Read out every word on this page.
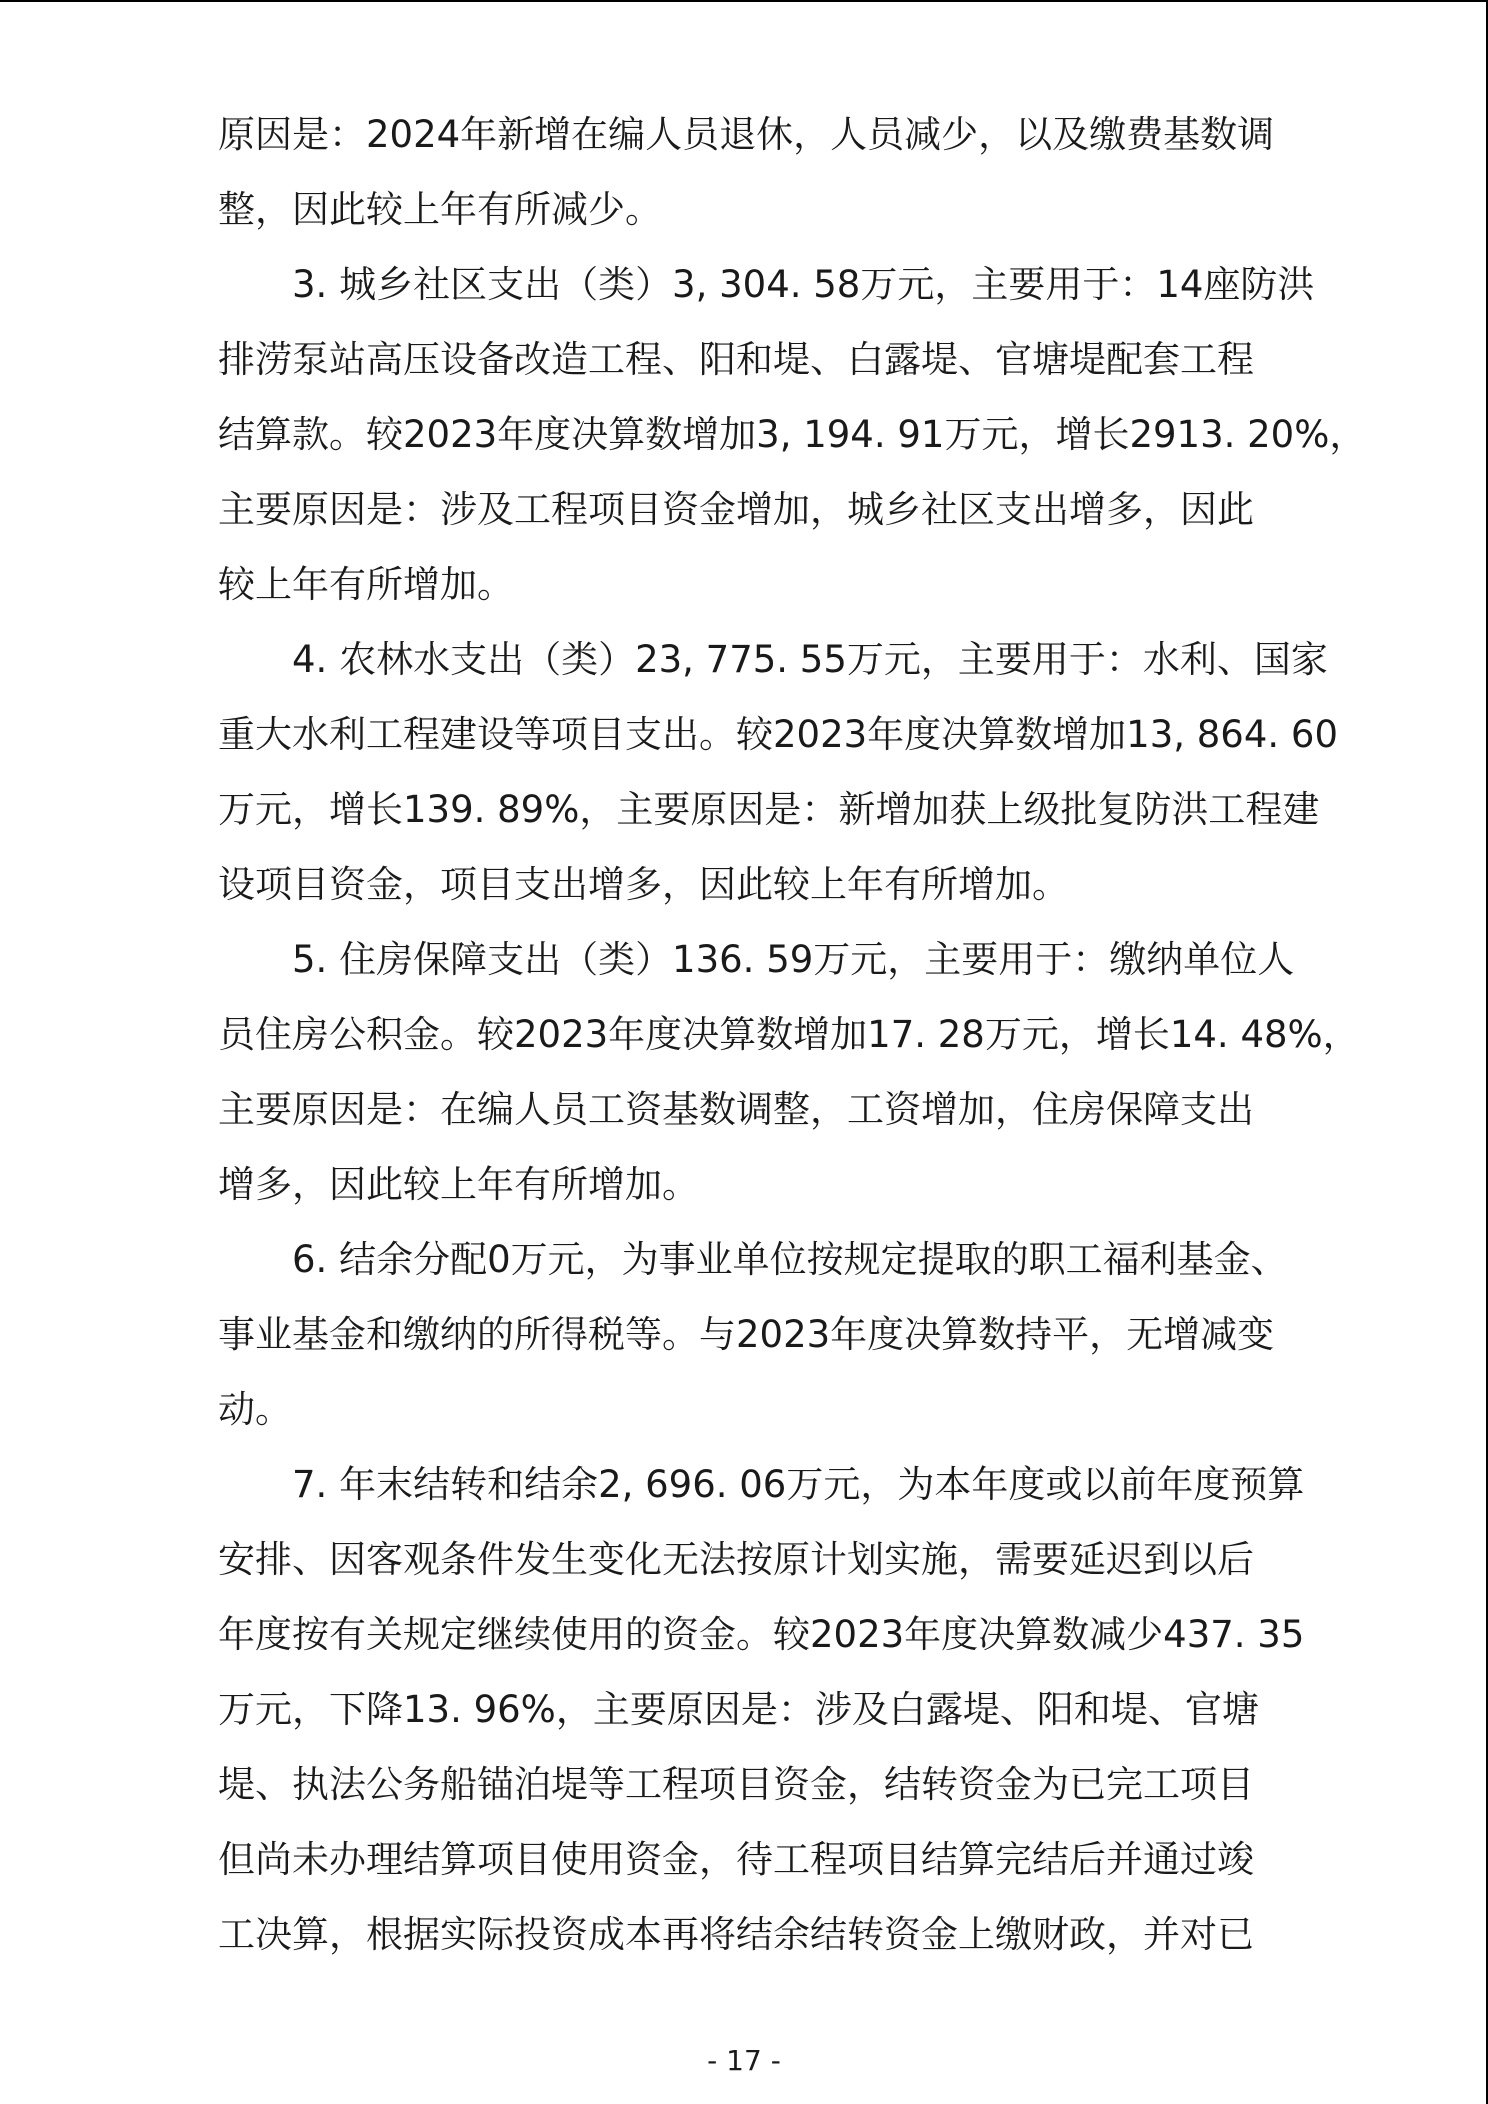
原因是：2024年新增在编人员退休，人员减少，以及缴费基数调
整，因此较上年有所减少。
3. 城乡社区支出（类）3, 304. 58万元，主要用于：14座防洪
排涝泵站高压设备改造工程、阳和堤、白露堤、官塘堤配套工程
结算款。较2023年度决算数增加3, 194. 91万元，增长2913. 20%，
主要原因是：涉及工程项目资金增加，城乡社区支出增多，因此
较上年有所增加。
4. 农林水支出（类）23, 775. 55万元，主要用于：水利、国家
重大水利工程建设等项目支出。较2023年度决算数增加13, 864. 60
万元，增长139. 89%，主要原因是：新增加获上级批复防洪工程建
设项目资金，项目支出增多，因此较上年有所增加。
5. 住房保障支出（类）136. 59万元，主要用于：缴纳单位人
员住房公积金。较2023年度决算数增加17. 28万元，增长14. 48%，
主要原因是：在编人员工资基数调整，工资增加，住房保障支出
增多，因此较上年有所增加。
6. 结余分配0万元，为事业单位按规定提取的职工福利基金、
事业基金和缴纳的所得税等。与2023年度决算数持平，无增减变
动。
7. 年末结转和结余2, 696. 06万元，为本年度或以前年度预算
安排、因客观条件发生变化无法按原计划实施，需要延迟到以后
年度按有关规定继续使用的资金。较2023年度决算数减少437. 35
万元，下降13. 96%，主要原因是：涉及白露堤、阳和堤、官塘
堤、执法公务船锚泊堤等工程项目资金，结转资金为已完工项目
但尚未办理结算项目使用资金，待工程项目结算完结后并通过竣
工决算，根据实际投资成本再将结余结转资金上缴财政，并对已
- 17 -
